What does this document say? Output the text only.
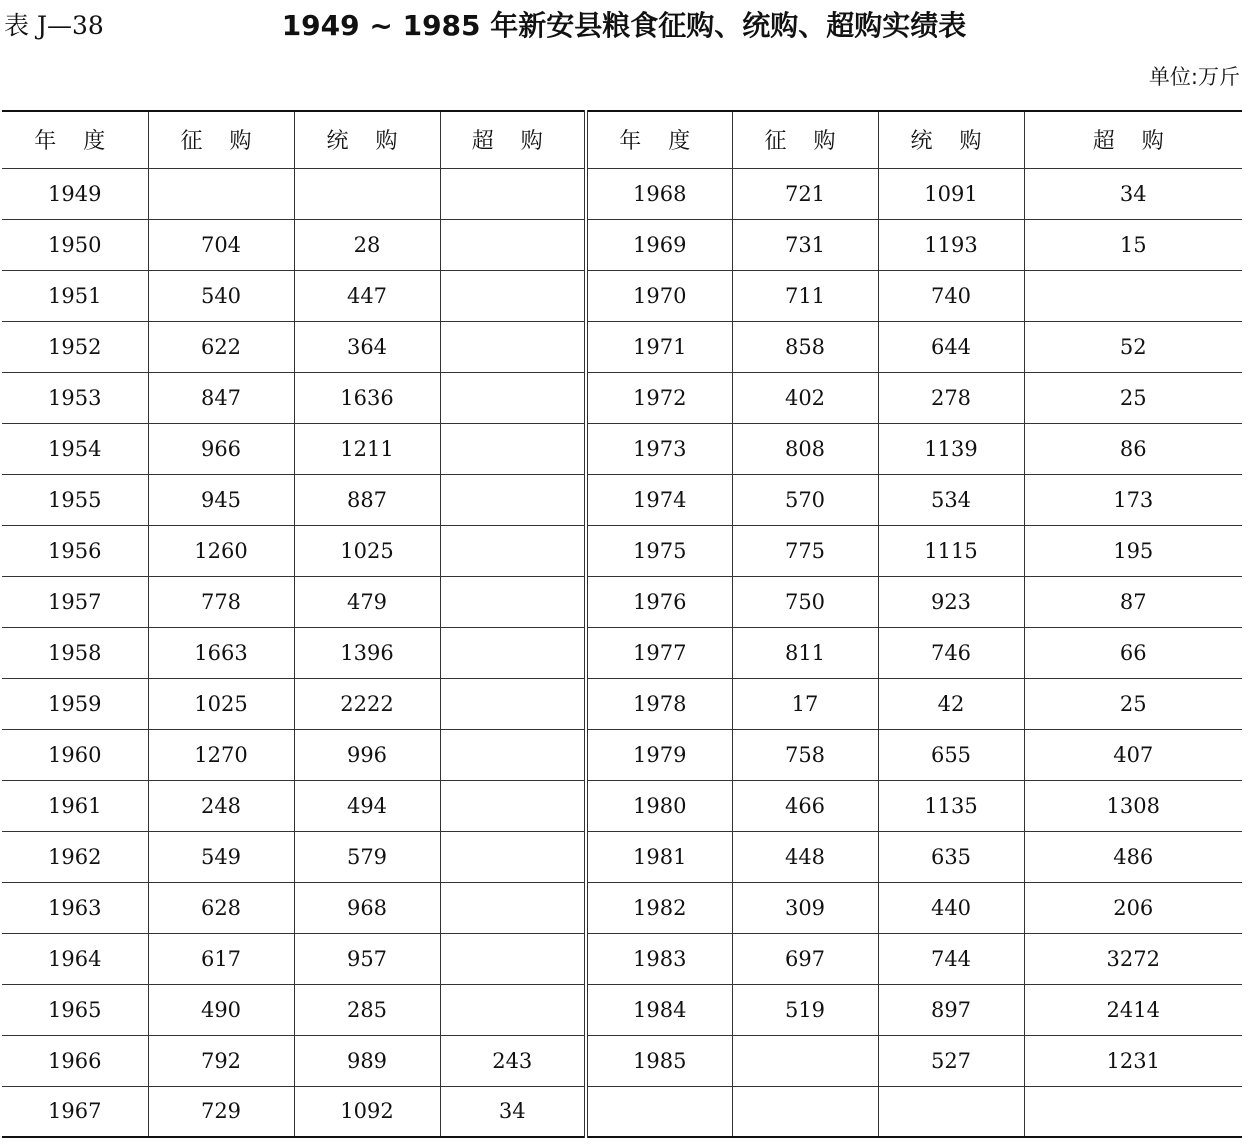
表 J—38	1949 ~ 1985 年新安县粮食征购、统购、超购实绩表
单位:万斤
年 度	征 购	统 购	超 购	年 度	征 购	统 购	超 购
1949				1968	721	1091	34
1950	704	28		1969	731	1193	15
1951	540	447		1970	711	740	
1952	622	364		1971	858	644	52
1953	847	1636		1972	402	278	25
1954	966	1211		1973	808	1139	86
1955	945	887		1974	570	534	173
1956	1260	1025		1975	775	1115	195
1957	778	479		1976	750	923	87
1958	1663	1396		1977	811	746	66
1959	1025	2222		1978	17	42	25
1960	1270	996		1979	758	655	407
1961	248	494		1980	466	1135	1308
1962	549	579		1981	448	635	486
1963	628	968		1982	309	440	206
1964	617	957		1983	697	744	3272
1965	490	285		1984	519	897	2414
1966	792	989	243	1985		527	1231
1967	729	1092	34				
